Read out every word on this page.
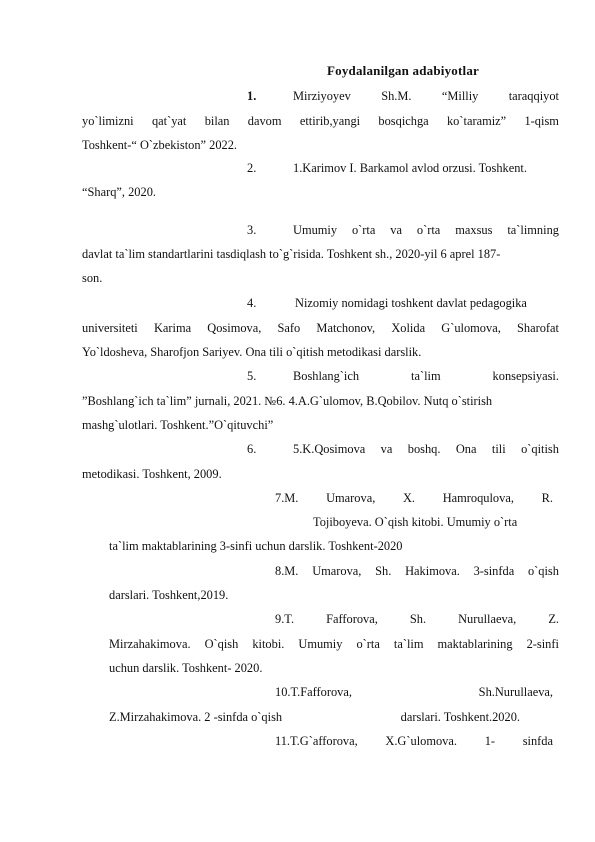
Foydalanilgan adabiyotlar
1.	Mirziyoyev Sh.M. “Milliy taraqqiyot
yo`limizni qat`yat bilan davom ettirib,yangi bosqichga ko`taramiz” 1-qism
Toshkent-“ O`zbekiston” 2022.
2.	1.Karimov I. Barkamol avlod orzusi. Toshkent.
“Sharq”, 2020.
3.	Umumiy o`rta va o`rta maxsus ta`limning
davlat ta`lim standartlarini tasdiqlash to`g`risida. Toshkent sh., 2020-yil 6 aprel 187-
son.
4.	Nizomiy nomidagi toshkent davlat pedagogika
universiteti Karima Qosimova, Safo Matchonov, Xolida G`ulomova, Sharofat
Yo`ldosheva, Sharofjon Sariyev. Ona tili o`qitish metodikasi darslik.
5.	Boshlang`ich	ta`lim	konsepsiyasi.
”Boshlang`ich ta`lim” jurnali, 2021. №6. 4.A.G`ulomov, B.Qobilov. Nutq o`stirish
mashg`ulotlari. Toshkent.”O`qituvchi”
6.	5.K.Qosimova va boshq. Ona tili o`qitish
metodikasi. Toshkent, 2009.
7.M. Umarova, X. Hamroqulova, R.
Tojiboyeva. O`qish kitobi. Umumiy o`rta
ta`lim maktablarining 3-sinfi uchun darslik. Toshkent-2020
8.M. Umarova, Sh. Hakimova. 3-sinfda o`qish
darslari. Toshkent,2019.
9.T.	Fafforova,	Sh.	Nurullaeva,	Z.
Mirzahakimova. O`qish kitobi. Umumiy o`rta ta`lim maktablarining 2-sinfi
uchun darslik. Toshkent- 2020.
10.T.Fafforova,	Sh.Nurullaeva,
Z.Mirzahakimova. 2 -sinfda o`qish	darslari. Toshkent.2020.
11.T.G`afforova, X.G`ulomova. 1- sinfda
